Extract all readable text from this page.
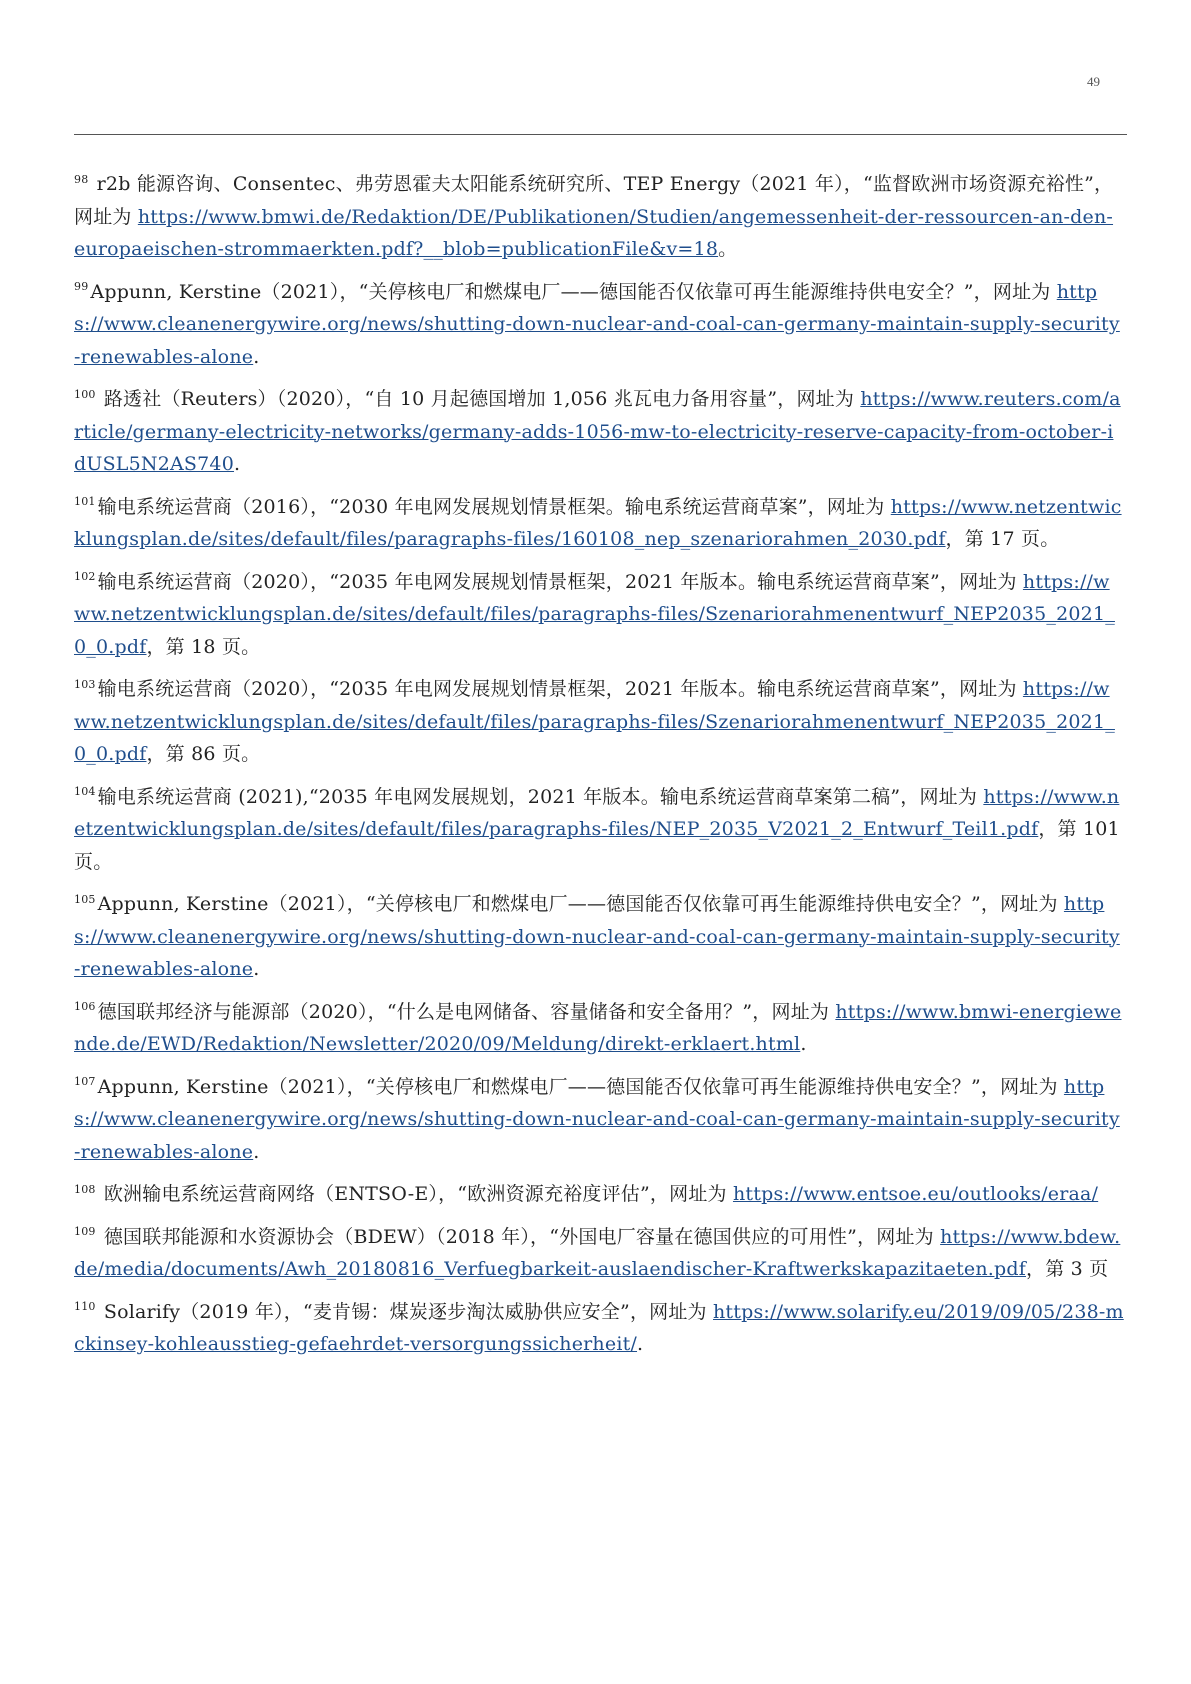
49

$^{98}$ r2b 能源咨询、Consentec、弗劳恩霍夫太阳能系统研究所、TEP Energy（2021 年），“监督欧洲市场资源充裕性”，网址为 https://www.bmwi.de/Redaktion/DE/Publikationen/Studien/angemessenheit-der-ressourcen-an-den-europaeischen-strommaerkten.pdf?__blob=publicationFile&v=18。

$^{99}$ Appunn, Kerstine（2021），“关停核电厂和燃煤电厂——德国能否仅依靠可再生能源维持供电安全？”，网址为 https://www.cleanenergywire.org/news/shutting-down-nuclear-and-coal-can-germany-maintain-supply-security-renewables-alone.

$^{100}$ 路透社（Reuters）（2020），“自 10 月起德国增加 1,056 兆瓦电力备用容量”，网址为 https://www.reuters.com/article/germany-electricity-networks/germany-adds-1056-mw-to-electricity-reserve-capacity-from-october-idUSL5N2AS740.

$^{101}$ 输电系统运营商（2016），“2030 年电网发展规划情景框架。输电系统运营商草案”，网址为 https://www.netzentwicklungsplan.de/sites/default/files/paragraphs-files/160108_nep_szenariorahmen_2030.pdf，第 17 页。

$^{102}$ 输电系统运营商（2020），“2035 年电网发展规划情景框架，2021 年版本。输电系统运营商草案”，网址为 https://www.netzentwicklungsplan.de/sites/default/files/paragraphs-files/Szenariorahmenentwurf_NEP2035_2021_0_0.pdf，第 18 页。

$^{103}$ 输电系统运营商（2020），“2035 年电网发展规划情景框架，2021 年版本。输电系统运营商草案”，网址为 https://www.netzentwicklungsplan.de/sites/default/files/paragraphs-files/Szenariorahmenentwurf_NEP2035_2021_0_0.pdf，第 86 页。

$^{104}$ 输电系统运营商 (2021),“2035 年电网发展规划，2021 年版本。输电系统运营商草案第二稿”，网址为 https://www.netzentwicklungsplan.de/sites/default/files/paragraphs-files/NEP_2035_V2021_2_Entwurf_Teil1.pdf，第 101 页。

$^{105}$ Appunn, Kerstine（2021），“关停核电厂和燃煤电厂——德国能否仅依靠可再生能源维持供电安全？”，网址为 https://www.cleanenergywire.org/news/shutting-down-nuclear-and-coal-can-germany-maintain-supply-security-renewables-alone.

$^{106}$ 德国联邦经济与能源部（2020），“什么是电网储备、容量储备和安全备用？”，网址为 https://www.bmwi-energiewende.de/EWD/Redaktion/Newsletter/2020/09/Meldung/direkt-erklaert.html.

$^{107}$ Appunn, Kerstine（2021），“关停核电厂和燃煤电厂——德国能否仅依靠可再生能源维持供电安全？”，网址为 https://www.cleanenergywire.org/news/shutting-down-nuclear-and-coal-can-germany-maintain-supply-security-renewables-alone.

$^{108}$ 欧洲输电系统运营商网络（ENTSO-E），“欧洲资源充裕度评估”，网址为 https://www.entsoe.eu/outlooks/eraa/

$^{109}$ 德国联邦能源和水资源协会（BDEW）（2018 年），“外国电厂容量在德国供应的可用性”，网址为 https://www.bdew.de/media/documents/Awh_20180816_Verfuegbarkeit-auslaendischer-Kraftwerkskapazitaeten.pdf，第 3 页

$^{110}$ Solarify（2019 年），“麦肯锡：煤炭逐步淘汰威胁供应安全”，网址为 https://www.solarify.eu/2019/09/05/238-mckinsey-kohleausstieg-gefaehrdet-versorgungssicherheit/.
